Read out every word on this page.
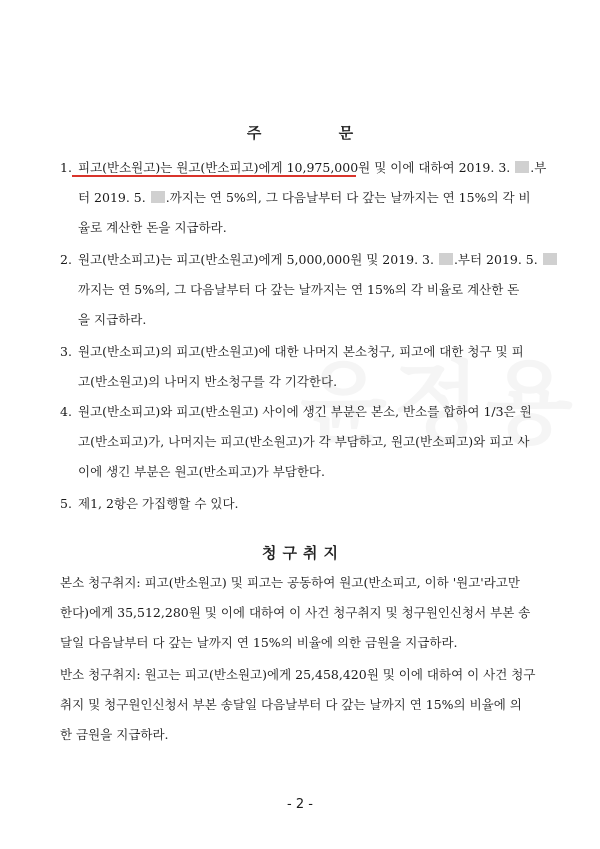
주 문
1. 피고(반소원고)는 원고(반소피고)에게 10,975,000원 및 이에 대하여 2019. 3. .부
터 2019. 5. .까지는 연 5%의, 그 다음날부터 다 갚는 날까지는 연 15%의 각 비
율로 계산한 돈을 지급하라.
2. 원고(반소피고)는 피고(반소원고)에게 5,000,000원 및 2019. 3. .부터 2019. 5.
까지는 연 5%의, 그 다음날부터 다 갚는 날까지는 연 15%의 각 비율로 계산한 돈
을 지급하라.
3. 원고(반소피고)의 피고(반소원고)에 대한 나머지 본소청구, 피고에 대한 청구 및 피
고(반소원고)의 나머지 반소청구를 각 기각한다.
4. 원고(반소피고)와 피고(반소원고) 사이에 생긴 부분은 본소, 반소를 합하여 1/3은 원
고(반소피고)가, 나머지는 피고(반소원고)가 각 부담하고, 원고(반소피고)와 피고 사
이에 생긴 부분은 원고(반소피고)가 부담한다.
5. 제1, 2항은 가집행할 수 있다.
청구취지
본소 청구취지: 피고(반소원고) 및 피고는 공동하여 원고(반소피고, 이하 '원고'라고만
한다)에게 35,512,280원 및 이에 대하여 이 사건 청구취지 및 청구원인신청서 부본 송
달일 다음날부터 다 갚는 날까지 연 15%의 비율에 의한 금원을 지급하라.
반소 청구취지: 원고는 피고(반소원고)에게 25,458,420원 및 이에 대하여 이 사건 청구
취지 및 청구원인신청서 부본 송달일 다음날부터 다 갚는 날까지 연 15%의 비율에 의
한 금원을 지급하라.
- 2 -
